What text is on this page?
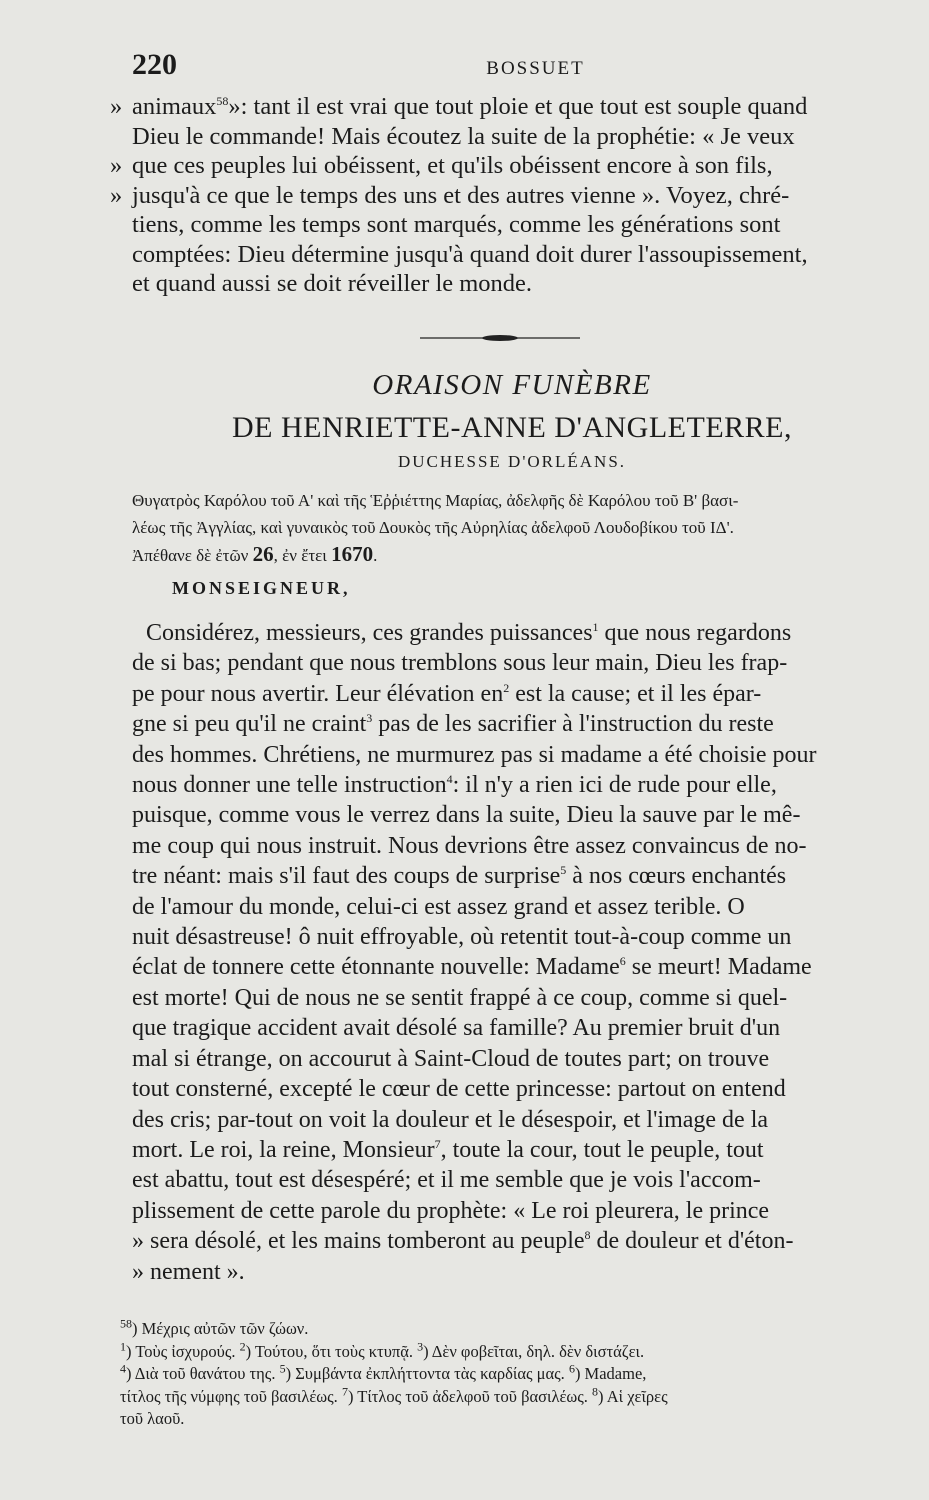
220	BOSSUET
» animaux$^{58}$»: tant il est vrai que tout ploie et que tout est souple quand
Dieu le commande! Mais écoutez la suite de la prophétie: « Je veux
» que ces peuples lui obéissent, et qu'ils obéissent encore à son fils,
» jusqu'à ce que le temps des uns et des autres vienne ». Voyez, chré-
tiens, comme les temps sont marqués, comme les générations sont
comptées: Dieu détermine jusqu'à quand doit durer l'assoupissement,
et quand aussi se doit réveiller le monde.
ORAISON FUNÈBRE
DE HENRIETTE-ANNE D'ANGLETERRE,
DUCHESSE D'ORLÉANS.
Θυγατρὸς Καρόλου τοῦ Α' καὶ τῆς Ἑῤῥιέττης Μαρίας, ἀδελφῆς δὲ Καρόλου τοῦ Β' βασι-
λέως τῆς Ἀγγλίας, καὶ γυναικὸς τοῦ Δουκὸς τῆς Αὐρηλίας ἀδελφοῦ Λουδοβίκου τοῦ ΙΔ'.
Ἀπέθανε δὲ ἐτῶν 26, ἐν ἔτει 1670.
MONSEIGNEUR,
Considérez, messieurs, ces grandes puissances$^1$ que nous regardons
de si bas; pendant que nous tremblons sous leur main, Dieu les frap-
pe pour nous avertir. Leur élévation $en^2$ est la cause; et il les épar-
gne si peu qu'il ne craint$^3$ pas de les sacrifier à l'instruction du reste
des hommes. Chrétiens, ne murmurez pas si madame a été choisie pour
nous donner une telle instruction$^4$: il n'y a rien ici de rude pour elle,
puisque, comme vous le verrez dans la suite, Dieu la sauve par le mê-
me coup qui nous instruit. Nous devrions être assez convaincus de no-
tre néant: mais s'il faut des coups de surprise$^5$ à nos cœurs enchantés
de l'amour du monde, celui-ci est assez grand et assez terible. O
nuit désastreuse! ô nuit effroyable, où retentit tout-à-coup comme un
éclat de tonnere cette étonnante nouvelle: Madame$^6$ se meurt! Madame
est morte! Qui de nous ne se sentit frappé à ce coup, comme si quel-
que tragique accident avait désolé sa famille? Au premier bruit d'un
mal si étrange, on accourut à Saint-Cloud de toutes part; on trouve
tout consterné, excepté le cœur de cette princesse: partout on entend
des cris; par-tout on voit la douleur et le désespoir, et l'image de la
mort. Le roi, la reine, Monsieur$^7$, toute la cour, tout le peuple, tout
est abattu, tout est désespéré; et il me semble que je vois l'accom-
plissement de cette parole du prophète: « Le roi pleurera, le prince
» sera désolé, et les mains tomberont au peuple$^8$ de douleur et d'éton-
» nement ».
$^{58}$) Μέχρις αὐτῶν τῶν ζώων.
$^1$) Τοὺς ἰσχυρούς. $^2$) Τούτου, ὅτι τοὺς κτυπᾷ. $^3$) Δὲν φοβεῖται, δηλ. δὲν διστάζει.
$^4$) Διὰ τοῦ θανάτου της. $^5$) Συμβάντα ἐκπλήττοντα τὰς καρδίας μας. $^6$) Madame,
τίτλος τῆς νύμφης τοῦ βασιλέως. $^7$) Τίτλος τοῦ ἀδελφοῦ τοῦ βασιλέως. $^8$) Αἱ χεῖρες
τοῦ λαοῦ.
